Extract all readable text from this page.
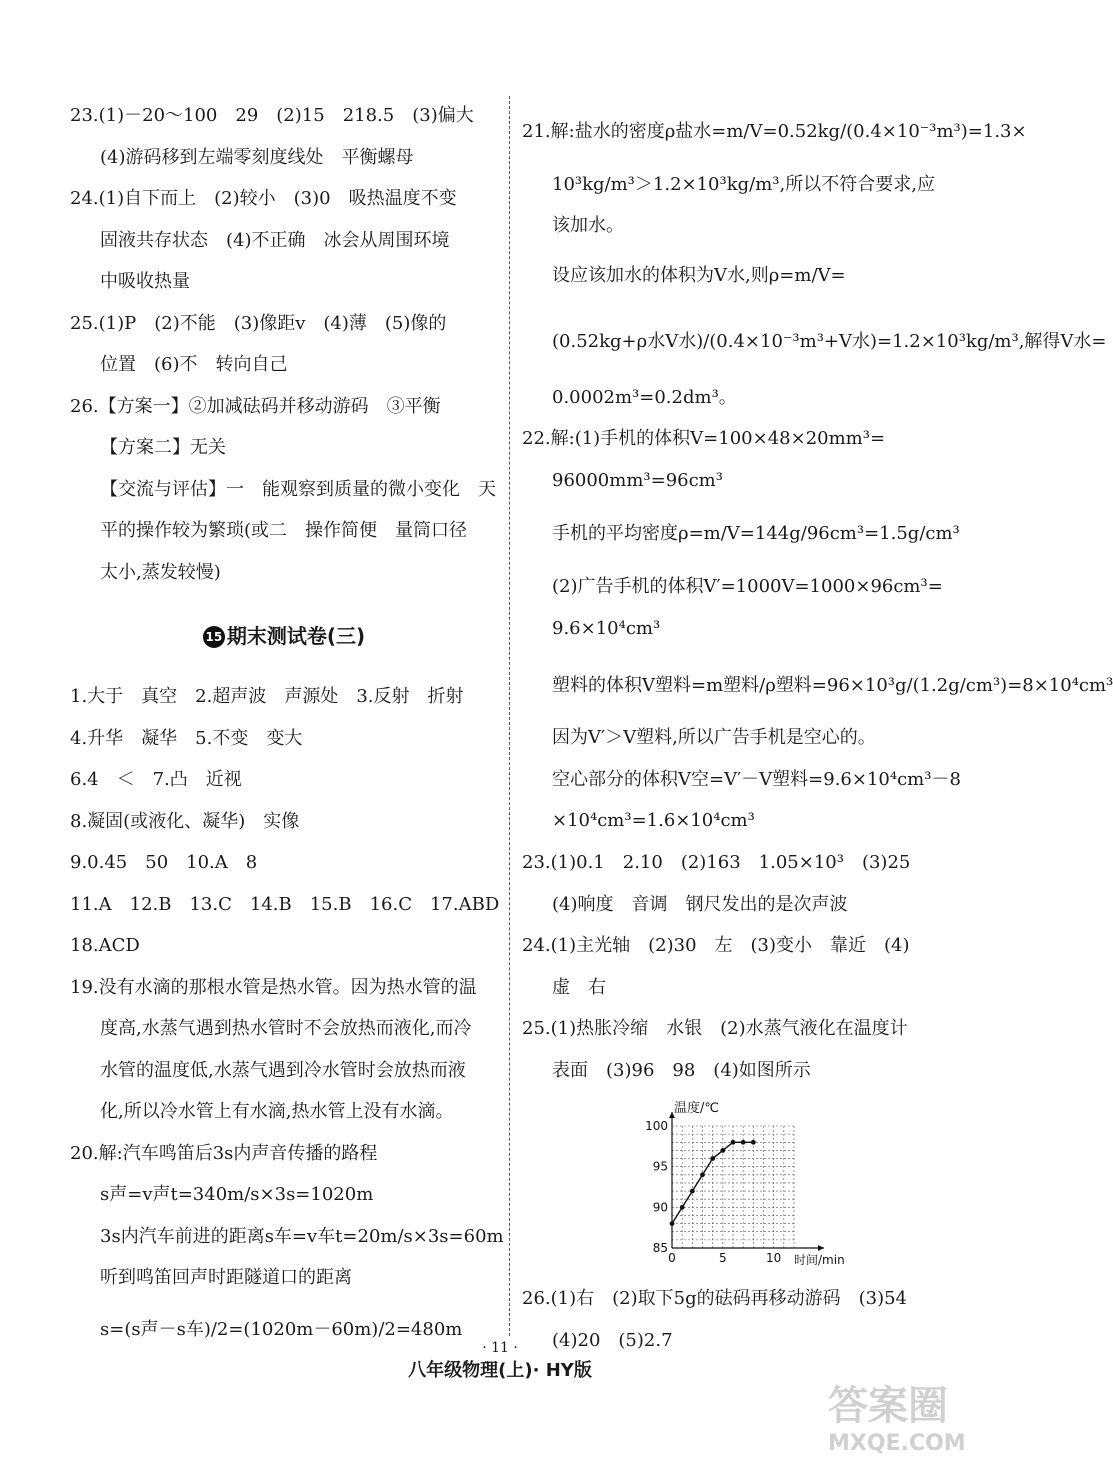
23.(1)－20～100　29　(2)15　218.5　(3)偏大
(4)游码移到左端零刻度线处　平衡螺母
24.(1)自下而上　(2)较小　(3)0　吸热温度不变
固液共存状态　(4)不正确　冰会从周围环境
中吸收热量
25.(1)P　(2)不能　(3)像距v　(4)薄　(5)像的
位置　(6)不　转向自己
26.【方案一】②加减砝码并移动游码　③平衡
【方案二】无关
【交流与评估】一　能观察到质量的微小变化　天
平的操作较为繁琐(或二　操作简便　量筒口径
太小,蒸发较慢)
15 期末测试卷(三)
1.大于　真空　2.超声波　声源处　3.反射　折射
4.升华　凝华　5.不变　变大
6.4　＜　7.凸　近视
8.凝固(或液化、凝华)　实像
9.0.45　50　10.A　8
11.A　12.B　13.C　14.B　15.B　16.C　17.ABD
18.ACD
19.没有水滴的那根水管是热水管。因为热水管的温
度高,水蒸气遇到热水管时不会放热而液化,而冷
水管的温度低,水蒸气遇到冷水管时会放热而液
化,所以冷水管上有水滴,热水管上没有水滴。
20.解:汽车鸣笛后3s内声音传播的路程
s声=v声t=340m/s×3s=1020m
3s内汽车前进的距离s车=v车t=20m/s×3s=60m
听到鸣笛回声时距隧道口的距离
s=(s声－s车)/2=(1020m－60m)/2=480m
21.解:盐水的密度ρ盐水=m/V=0.52kg/(0.4×10⁻³m³)=1.3×
10³kg/m³＞1.2×10³kg/m³,所以不符合要求,应
该加水。
设应该加水的体积为V水,则ρ=m/V=
(0.52kg+ρ水V水)/(0.4×10⁻³m³+V水)=1.2×10³kg/m³,解得V水=
0.0002m³=0.2dm³。
22.解:(1)手机的体积V=100×48×20mm³=
96000mm³=96cm³
手机的平均密度ρ=m/V=144g/96cm³=1.5g/cm³
(2)广告手机的体积V′=1000V=1000×96cm³=
9.6×10⁴cm³
塑料的体积V塑料=m塑料/ρ塑料=96×10³g/(1.2g/cm³)=8×10⁴cm³
因为V′＞V塑料,所以广告手机是空心的。
空心部分的体积V空=V′－V塑料=9.6×10⁴cm³－8
×10⁴cm³=1.6×10⁴cm³
23.(1)0.1　2.10　(2)163　1.05×10³　(3)25
(4)响度　音调　钢尺发出的是次声波
24.(1)主光轴　(2)30　左　(3)变小　靠近　(4)
虚　右
25.(1)热胀冷缩　水银　(2)水蒸气液化在温度计
表面　(3)96　98　(4)如图所示
26.(1)右　(2)取下5g的砝码再移动游码　(3)54
(4)20　(5)2.7
温度/℃
时间/min
0	5	10
85
90
95
100
· 11 ·
八年级物理(上)· HY版
答案圈
MXQE.COM
